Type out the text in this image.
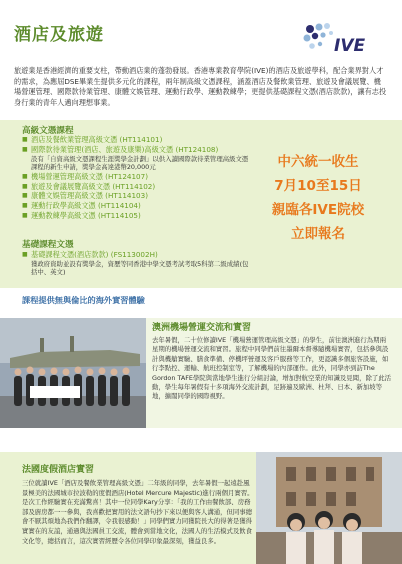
酒店及旅遊
IVE
旅遊業是香港經濟的重要支柱，帶動酒店業的蓬勃發展。香港專業教育學院(IVE)的酒店及旅遊學科，配合業界對人才的需求，為應屆DSE畢業生提供多元化的課程，兩年制高級文憑課程，涵蓋酒店及餐飲業管理、旅遊及會議展覽、機場營運管理、國際款待業管理、康體文娛管理、運動行政學、運動教練學；更提供基礎課程文憑(酒店款款)，讓有志投身行業的青年人邁向理想事業。
高級文憑課程
■ 酒店及餐飲業管理高級文憑 (HT114101)
■ 國際款待業管理(酒店、旅遊及康樂)高級文憑 (HT124108)
設有「自資高級文憑課程生涯獎學金計劃」以供入讀國際款待業管理高級文憑課程的新生申請，獎學金高達港幣20,000元
■ 機場營運管理高級文憑 (HT124107)
■ 旅遊及會議展覽高級文憑 (HT114102)
■ 康體文娛管理高級文憑 (HT114103)
■ 運動行政學高級文憑 (HT114104)
■ 運動教練學高級文憑 (HT114105)
中六統一收生
7月10至15日
親臨各IVE院校
立即報名
基礎課程文憑
■ 基礎課程文憑(酒店款款) (FS113002H)
獲政府資助並設有獎學金，資歷等同香港中學文憑考試考取5科第二級成績(包括中、英文)
課程提供無與倫比的海外實習體驗
澳洲機場營運交流和實習
去年暑假，二十位修讀IVE「機場營運管理高級文憑」的學生，前往澳洲進行為期兩星期的機場營運交流和實習。旅程中同學們前往墨爾本督導隨機場實習，包括參與設計與機艙實驗、膳食準備、停機坪營運及客戶服務等工作，更認識多個旅客設施，如行李點控、運輸、航班控制室等，了解機場的內部運作。此外，同學亦到訪The Gordon TAFE學院與當地學生進行分組討論，增加對航空業的知識及見聞，除了此活動，學生每年暑假有十多項海外交流計劃，足跡遍及歐洲、杜拜、日本、新加坡等地，擴闊同學的國際視野。
法國度假酒店實習
三位就讀IVE「酒店及餐飲業管理高級文憑」二年級的同學，去年暑假一起遠赴風景極美的法國城市拉波勒的度假酒店(Hotel Mercure Majestic)進行兩個月實習。是次工作經驗實在充滿驚喜！其中一位同學Kary分享：「我的工作由餐飲部、房務部及廚房都一一參與，我喜歡把實用的法文語句抄下來以便與客人溝通，但同事總會不厭其煩地為我們作翻譯，令我很感動！」同學們實力同獲院長大的得著是獲得實實在的友誼，通過與法國員工交流，體會到當地文化，法國人的生活模式及飲食文化等，總括而言，這次實習經歷令各位同學印象最深刻，獲益良多。
